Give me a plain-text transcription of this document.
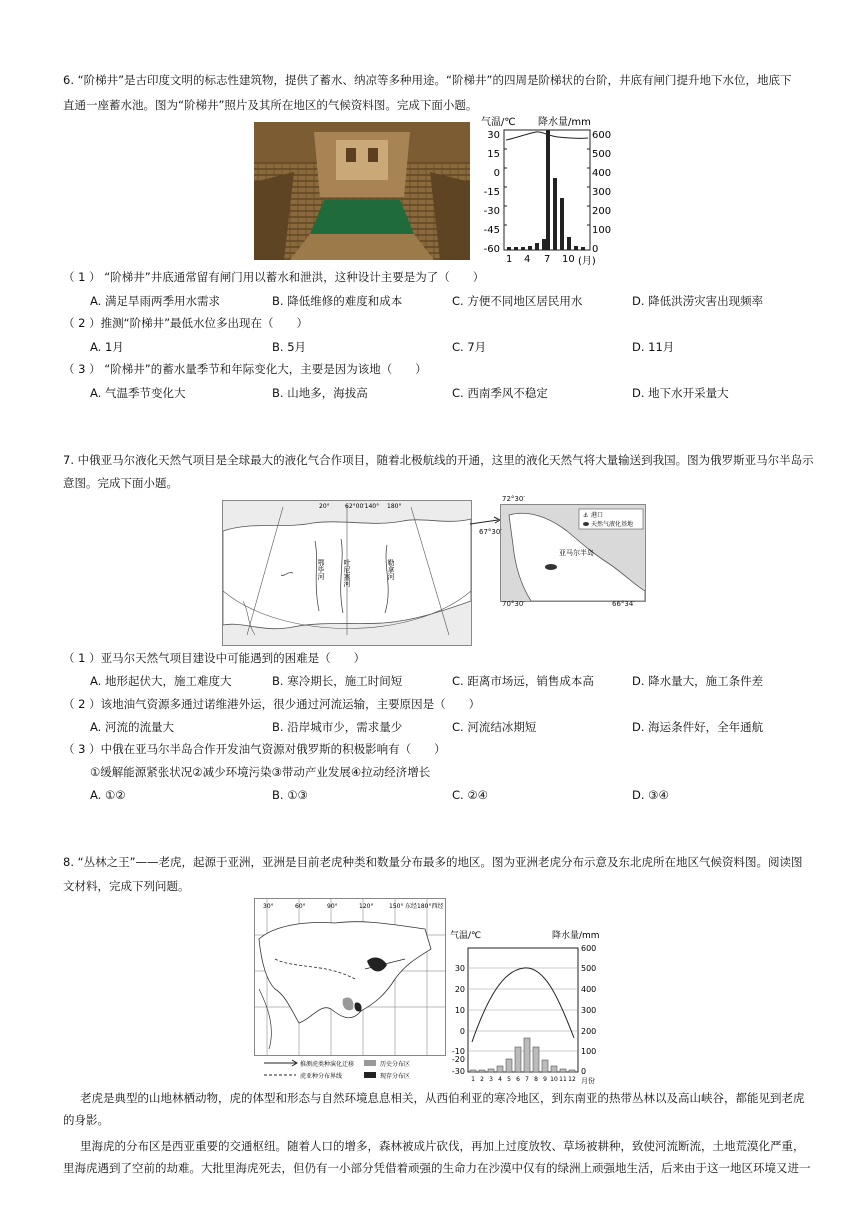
6. “阶梯井”是古印度文明的标志性建筑物，提供了蓄水、纳凉等多种用途。“阶梯井”的四周是阶梯状的台阶，井底有闸门提升地下水位，地底下
直通一座蓄水池。图为“阶梯井”照片及其所在地区的气候资料图。完成下面小题。
气温/℃ 降水量/mm
30
15
0
-15
-30
-45
-60
600
500
400
300
200
100
0
1 4 7 10 (月)
（ 1 ） “阶梯井”井底通常留有闸门用以蓄水和泄洪，这种设计主要是为了（　　）
A. 满足旱雨两季用水需求	B. 降低维修的难度和成本	C. 方便不同地区居民用水	D. 降低洪涝灾害出现频率
（ 2 ）推测“阶梯井”最低水位多出现在（　　）
A. 1月	B. 5月	C. 7月	D. 11月
（ 3 ） “阶梯井”的蓄水量季节和年际变化大，主要是因为该地（　　）
A. 气温季节变化大	B. 山地多，海拔高	C. 西南季风不稳定	D. 地下水开采量大
7. 中俄亚马尔液化天然气项目是全球最大的液化气合作项目，随着北极航线的开通，这里的液化天然气将大量输送到我国。图为俄罗斯亚马尔半岛示
意图。完成下面小题。
20°	62°00′140° 180°
鄂毕河	叶尼塞河	勒拿河
⚓ 港口
天然气液化基地
亚马尔半岛
72°30′
67°30′
70°30′	66°34′
（ 1 ）亚马尔天然气项目建设中可能遇到的困难是（　　）
A. 地形起伏大，施工难度大	B. 寒冷期长，施工时间短	C. 距离市场远，销售成本高	D. 降水量大，施工条件差
（ 2 ）该地油气资源多通过诺维港外运，很少通过河流运输，主要原因是（　　）
A. 河流的流量大	B. 沿岸城市少，需求量少	C. 河流结冰期短	D. 海运条件好，全年通航
（ 3 ）中俄在亚马尔半岛合作开发油气资源对俄罗斯的积极影响有（　　）
①缓解能源紧张状况②减少环境污染③带动产业发展④拉动经济增长
A. ①②	B. ①③	C. ②④	D. ③④
8. “丛林之王”——老虎，起源于亚洲，亚洲是目前老虎种类和数量分布最多的地区。图为亚洲老虎分布示意及东北虎所在地区气候资料图。阅读图
文材料，完成下列问题。
30°	60°	90°	120°	150° 东经180°西经
推测虎类种演化迁移
虎亚种分布界线
历史分布区
现存分布区
气温/℃	降水量/mm
30
20
10
0
-10
-20
-30
600
500
400
300
200
100
0
1 2 3 4 5 6 7 8 9 10 11 12 月份
老虎是典型的山地林栖动物，虎的体型和形态与自然环境息息相关，从西伯利亚的寒冷地区，到东南亚的热带丛林以及高山峡谷，都能见到老虎
的身影。
里海虎的分布区是西亚重要的交通枢纽。随着人口的增多，森林被成片砍伐，再加上过度放牧、草场被耕种，致使河流断流，土地荒漠化严重，
里海虎遇到了空前的劫难。大批里海虎死去，但仍有一小部分凭借着顽强的生命力在沙漠中仅有的绿洲上顽强地生活，后来由于这一地区环境又进一
